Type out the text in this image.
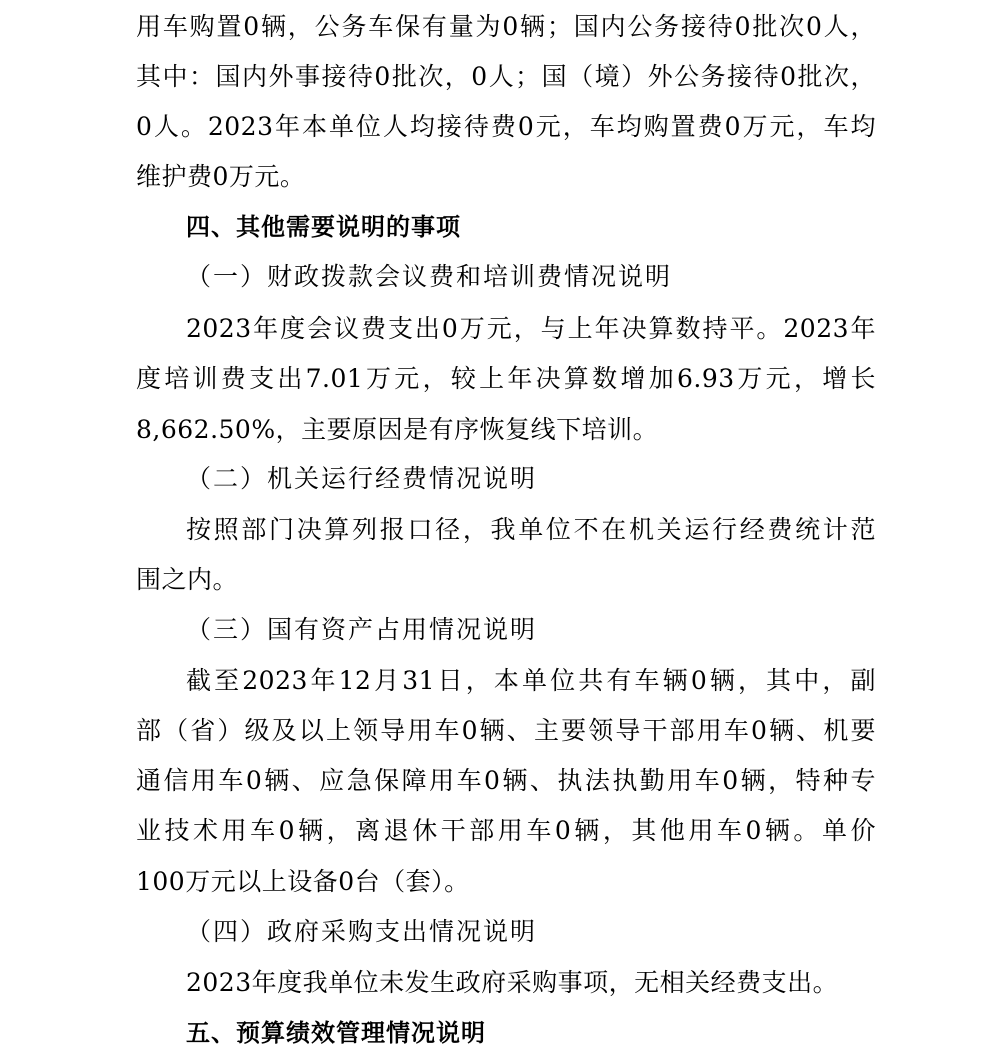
用车购置0辆，公务车保有量为0辆；国内公务接待0批次0人，
其中：国内外事接待0批次，0人；国（境）外公务接待0批次，
0人。2023年本单位人均接待费0元，车均购置费0万元，车均
维护费0万元。
四、其他需要说明的事项
（一）财政拨款会议费和培训费情况说明
2023年度会议费支出0万元，与上年决算数持平。2023年
度培训费支出7.01万元，较上年决算数增加6.93万元，增长
8,662.50%，主要原因是有序恢复线下培训。
（二）机关运行经费情况说明
按照部门决算列报口径，我单位不在机关运行经费统计范
围之内。
（三）国有资产占用情况说明
截至2023年12月31日，本单位共有车辆0辆，其中，副
部（省）级及以上领导用车0辆、主要领导干部用车0辆、机要
通信用车0辆、应急保障用车0辆、执法执勤用车0辆，特种专
业技术用车0辆，离退休干部用车0辆，其他用车0辆。单价
100万元以上设备0台（套）。
（四）政府采购支出情况说明
2023年度我单位未发生政府采购事项，无相关经费支出。
五、预算绩效管理情况说明
